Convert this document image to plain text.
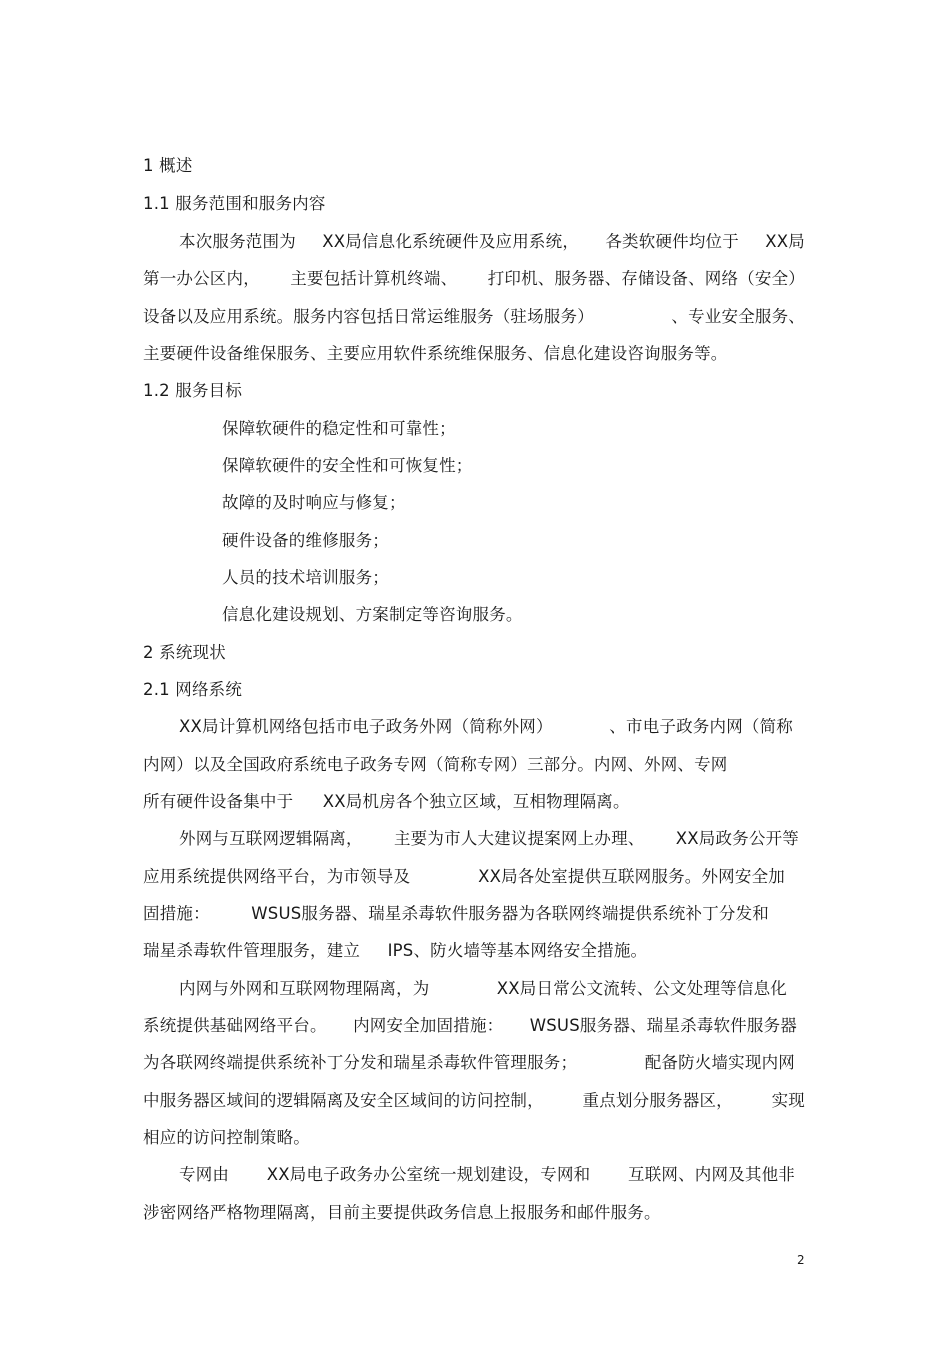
1 概述
1.1 服务范围和服务内容
本次服务范围为 XX局信息化系统硬件及应用系统， 各类软硬件均位于 XX局
第一办公区内， 主要包括计算机终端、 打印机、服务器、存储设备、网络（安全）
设备以及应用系统。服务内容包括日常运维服务（驻场服务）	、专业安全服务、
主要硬件设备维保服务、主要应用软件系统维保服务、信息化建设咨询服务等。
1.2 服务目标
保障软硬件的稳定性和可靠性；
保障软硬件的安全性和可恢复性；
故障的及时响应与修复；
硬件设备的维修服务；
人员的技术培训服务；
信息化建设规划、方案制定等咨询服务。
2 系统现状
2.1 网络系统
XX局计算机网络包括市电子政务外网（简称外网）	、市电子政务内网（简称
内网）以及全国政府系统电子政务专网（简称专网）三部分。内网、外网、专网
所有硬件设备集中于 XX局机房各个独立区域，互相物理隔离。
外网与互联网逻辑隔离， 主要为市人大建议提案网上办理、 XX局政务公开等
应用系统提供网络平台，为市领导及	XX局各处室提供互联网服务。外网安全加
固措施：	WSUS服务器、瑞星杀毒软件服务器为各联网终端提供系统补丁分发和
瑞星杀毒软件管理服务，建立 IPS、防火墙等基本网络安全措施。
内网与外网和互联网物理隔离，为	XX局日常公文流转、公文处理等信息化
系统提供基础网络平台。 内网安全加固措施： WSUS服务器、瑞星杀毒软件服务器
为各联网终端提供系统补丁分发和瑞星杀毒软件管理服务；	配备防火墙实现内网
中服务器区域间的逻辑隔离及安全区域间的访问控制， 重点划分服务器区， 实现
相应的访问控制策略。
专网由 XX局电子政务办公室统一规划建设，专网和 互联网、内网及其他非
涉密网络严格物理隔离，目前主要提供政务信息上报服务和邮件服务。
2
